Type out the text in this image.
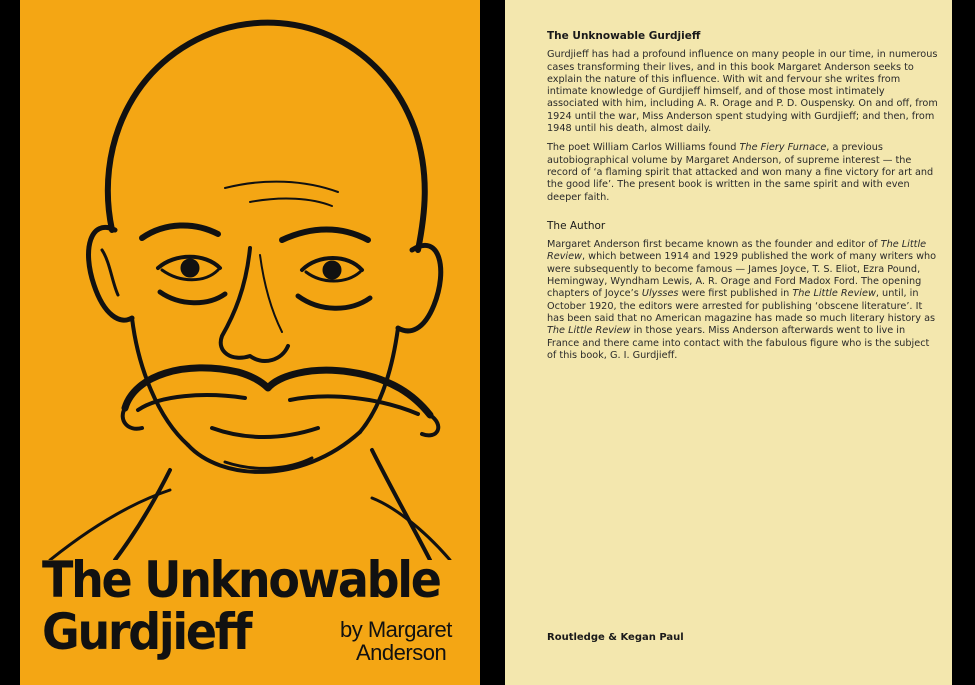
The Unknowable
Gurdjieff	by Margaret
Anderson
The Unknowable Gurdjieff

Gurdjieff has had a profound influence on many people in our time, in numerous cases transforming their lives, and in this book Margaret Anderson seeks to explain the nature of this influence. With wit and fervour she writes from intimate knowledge of Gurdjieff himself, and of those most intimately associated with him, including A. R. Orage and P. D. Ouspensky. On and off, from 1924 until the war, Miss Anderson spent studying with Gurdjieff; and then, from 1948 until his death, almost daily.

The poet William Carlos Williams found The Fiery Furnace, a previous autobiographical volume by Margaret Anderson, of supreme interest — the record of ‘a flaming spirit that attacked and won many a fine victory for art and the good life’. The present book is written in the same spirit and with even deeper faith.

The Author

Margaret Anderson first became known as the founder and editor of The Little Review, which between 1914 and 1929 published the work of many writers who were subsequently to become famous — James Joyce, T. S. Eliot, Ezra Pound, Hemingway, Wyndham Lewis, A. R. Orage and Ford Madox Ford. The opening chapters of Joyce’s Ulysses were first published in The Little Review, until, in October 1920, the editors were arrested for publishing ‘obscene literature’. It has been said that no American magazine has made so much literary history as The Little Review in those years. Miss Anderson afterwards went to live in France and there came into contact with the fabulous figure who is the subject of this book, G. I. Gurdjieff.

Routledge & Kegan Paul
